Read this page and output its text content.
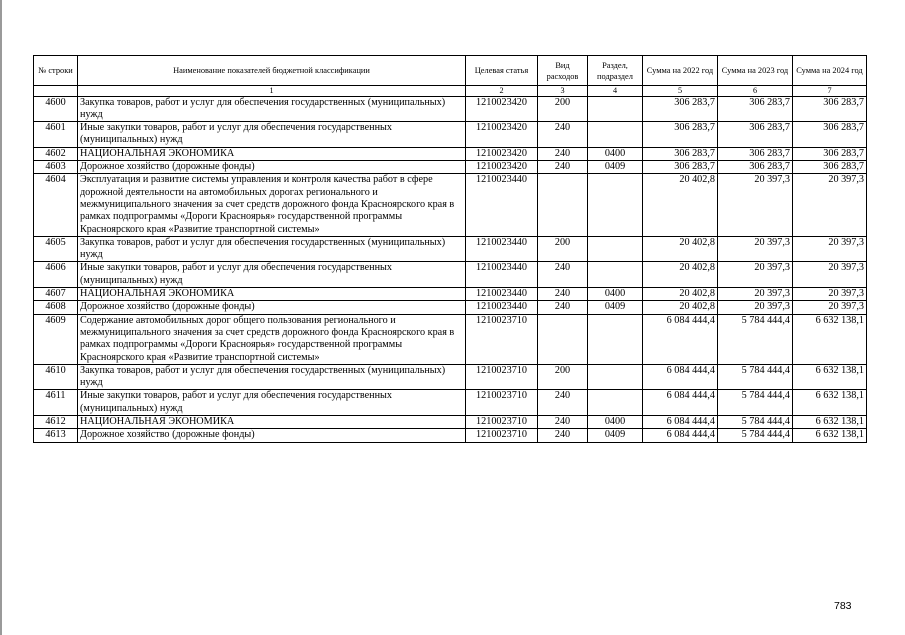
№ строки	Наименование показателей бюджетной классификации	Целевая статья	Вид расходов	Раздел, подраздел	Сумма на 2022 год	Сумма на 2023 год	Сумма на 2024 год
	1	2	3	4	5	6	7
4600	Закупка товаров, работ и услуг для обеспечения государственных (муниципальных) нужд	1210023420	200		306 283,7	306 283,7	306 283,7
4601	Иные закупки товаров, работ и услуг для обеспечения государственных (муниципальных) нужд	1210023420	240		306 283,7	306 283,7	306 283,7
4602	НАЦИОНАЛЬНАЯ ЭКОНОМИКА	1210023420	240	0400	306 283,7	306 283,7	306 283,7
4603	Дорожное хозяйство (дорожные фонды)	1210023420	240	0409	306 283,7	306 283,7	306 283,7
4604	Эксплуатация и развитие системы управления и контроля качества работ в сфере дорожной деятельности на автомобильных дорогах регионального и межмуниципального значения за счет средств дорожного фонда Красноярского края в рамках подпрограммы «Дороги Красноярья» государственной программы Красноярского края «Развитие транспортной системы»	1210023440			20 402,8	20 397,3	20 397,3
4605	Закупка товаров, работ и услуг для обеспечения государственных (муниципальных) нужд	1210023440	200		20 402,8	20 397,3	20 397,3
4606	Иные закупки товаров, работ и услуг для обеспечения государственных (муниципальных) нужд	1210023440	240		20 402,8	20 397,3	20 397,3
4607	НАЦИОНАЛЬНАЯ ЭКОНОМИКА	1210023440	240	0400	20 402,8	20 397,3	20 397,3
4608	Дорожное хозяйство (дорожные фонды)	1210023440	240	0409	20 402,8	20 397,3	20 397,3
4609	Содержание автомобильных дорог общего пользования регионального и межмуниципального значения за счет средств дорожного фонда Красноярского края в рамках подпрограммы «Дороги Красноярья» государственной программы Красноярского края «Развитие транспортной системы»	1210023710			6 084 444,4	5 784 444,4	6 632 138,1
4610	Закупка товаров, работ и услуг для обеспечения государственных (муниципальных) нужд	1210023710	200		6 084 444,4	5 784 444,4	6 632 138,1
4611	Иные закупки товаров, работ и услуг для обеспечения государственных (муниципальных) нужд	1210023710	240		6 084 444,4	5 784 444,4	6 632 138,1
4612	НАЦИОНАЛЬНАЯ ЭКОНОМИКА	1210023710	240	0400	6 084 444,4	5 784 444,4	6 632 138,1
4613	Дорожное хозяйство (дорожные фонды)	1210023710	240	0409	6 084 444,4	5 784 444,4	6 632 138,1
783
